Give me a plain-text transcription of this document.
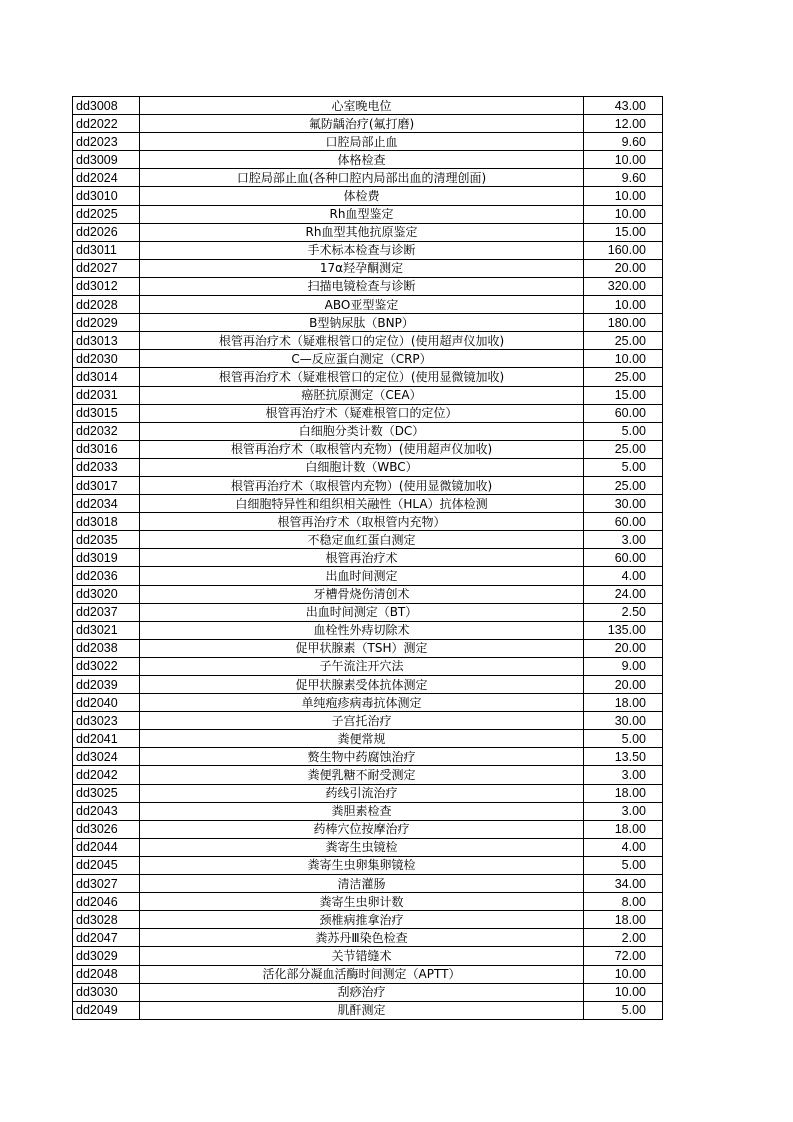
dd3008	心室晚电位	43.00
dd2022	氟防龋治疗(氟打磨)	12.00
dd2023	口腔局部止血	9.60
dd3009	体格检查	10.00
dd2024	口腔局部止血(各种口腔内局部出血的清理创面)	9.60
dd3010	体检费	10.00
dd2025	Rh血型鉴定	10.00
dd2026	Rh血型其他抗原鉴定	15.00
dd3011	手术标本检查与诊断	160.00
dd2027	17α羟孕酮测定	20.00
dd3012	扫描电镜检查与诊断	320.00
dd2028	ABO亚型鉴定	10.00
dd2029	B型钠尿肽（BNP）	180.00
dd3013	根管再治疗术（疑难根管口的定位）(使用超声仪加收)	25.00
dd2030	C—反应蛋白测定（CRP）	10.00
dd3014	根管再治疗术（疑难根管口的定位）(使用显微镜加收)	25.00
dd2031	癌胚抗原测定（CEA）	15.00
dd3015	根管再治疗术（疑难根管口的定位）	60.00
dd2032	白细胞分类计数（DC）	5.00
dd3016	根管再治疗术（取根管内充物）(使用超声仪加收)	25.00
dd2033	白细胞计数（WBC）	5.00
dd3017	根管再治疗术（取根管内充物）(使用显微镜加收)	25.00
dd2034	白细胞特异性和组织相关融性（HLA）抗体检测	30.00
dd3018	根管再治疗术（取根管内充物）	60.00
dd2035	不稳定血红蛋白测定	3.00
dd3019	根管再治疗术	60.00
dd2036	出血时间测定	4.00
dd3020	牙槽骨烧伤清创术	24.00
dd2037	出血时间测定（BT）	2.50
dd3021	血栓性外痔切除术	135.00
dd2038	促甲状腺素（TSH）测定	20.00
dd3022	子午流注开穴法	9.00
dd2039	促甲状腺素受体抗体测定	20.00
dd2040	单纯疱疹病毒抗体测定	18.00
dd3023	子宫托治疗	30.00
dd2041	粪便常规	5.00
dd3024	赘生物中药腐蚀治疗	13.50
dd2042	粪便乳糖不耐受测定	3.00
dd3025	药线引流治疗	18.00
dd2043	粪胆素检查	3.00
dd3026	药棒穴位按摩治疗	18.00
dd2044	粪寄生虫镜检	4.00
dd2045	粪寄生虫卵集卵镜检	5.00
dd3027	清洁灌肠	34.00
dd2046	粪寄生虫卵计数	8.00
dd3028	颈椎病推拿治疗	18.00
dd2047	粪苏丹Ⅲ染色检查	2.00
dd3029	关节错缝术	72.00
dd2048	活化部分凝血活酶时间测定（APTT）	10.00
dd3030	刮痧治疗	10.00
dd2049	肌酐测定	5.00
